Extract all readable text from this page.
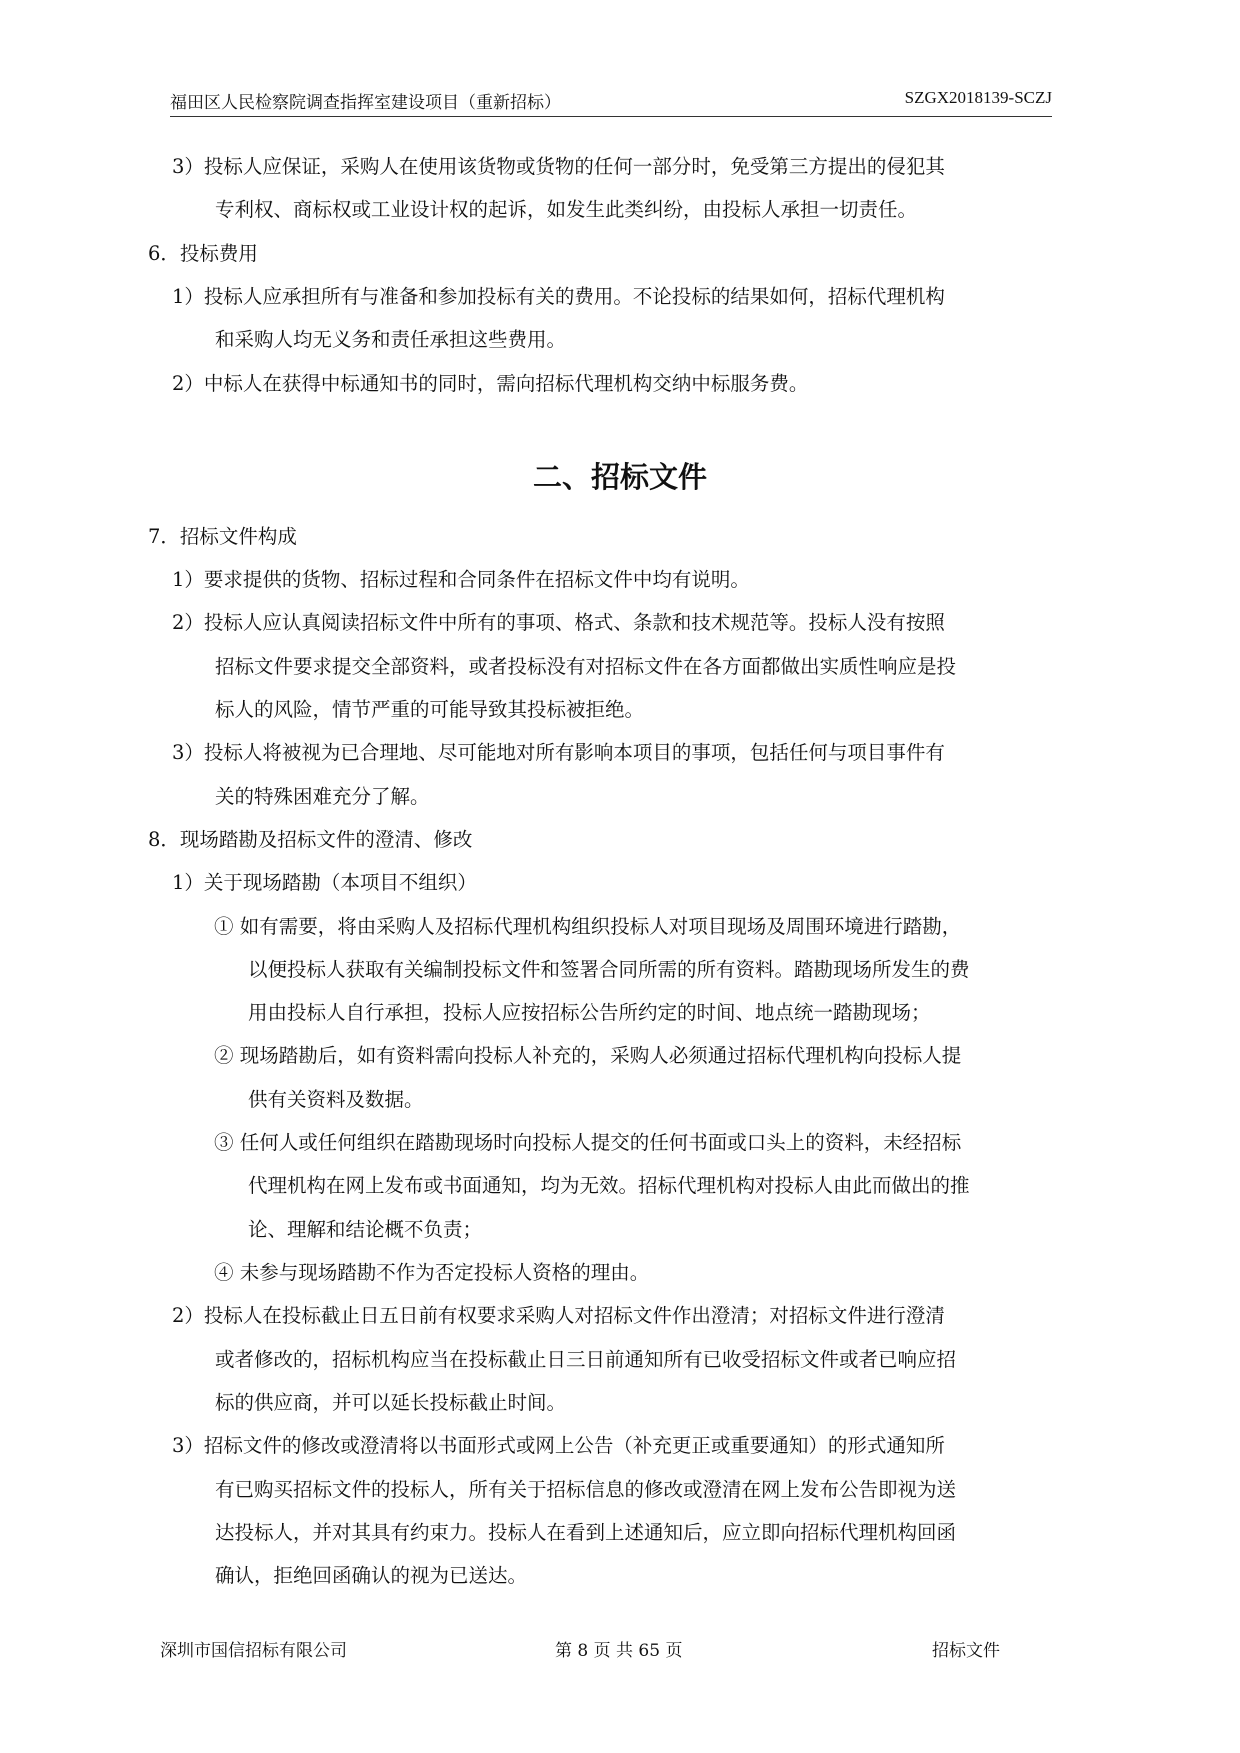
福田区人民检察院调查指挥室建设项目（重新招标）	SZGX2018139-SCZJ
3）投标人应保证，采购人在使用该货物或货物的任何一部分时，免受第三方提出的侵犯其
专利权、商标权或工业设计权的起诉，如发生此类纠纷，由投标人承担一切责任。
6．投标费用
1）投标人应承担所有与准备和参加投标有关的费用。不论投标的结果如何，招标代理机构
和采购人均无义务和责任承担这些费用。
2）中标人在获得中标通知书的同时，需向招标代理机构交纳中标服务费。
二、招标文件
7．招标文件构成
1）要求提供的货物、招标过程和合同条件在招标文件中均有说明。
2）投标人应认真阅读招标文件中所有的事项、格式、条款和技术规范等。投标人没有按照
招标文件要求提交全部资料，或者投标没有对招标文件在各方面都做出实质性响应是投
标人的风险，情节严重的可能导致其投标被拒绝。
3）投标人将被视为已合理地、尽可能地对所有影响本项目的事项，包括任何与项目事件有
关的特殊困难充分了解。
8．现场踏勘及招标文件的澄清、修改
1）关于现场踏勘（本项目不组织）
① 如有需要，将由采购人及招标代理机构组织投标人对项目现场及周围环境进行踏勘，
以便投标人获取有关编制投标文件和签署合同所需的所有资料。踏勘现场所发生的费
用由投标人自行承担，投标人应按招标公告所约定的时间、地点统一踏勘现场；
② 现场踏勘后，如有资料需向投标人补充的，采购人必须通过招标代理机构向投标人提
供有关资料及数据。
③ 任何人或任何组织在踏勘现场时向投标人提交的任何书面或口头上的资料，未经招标
代理机构在网上发布或书面通知，均为无效。招标代理机构对投标人由此而做出的推
论、理解和结论概不负责；
④ 未参与现场踏勘不作为否定投标人资格的理由。
2）投标人在投标截止日五日前有权要求采购人对招标文件作出澄清；对招标文件进行澄清
或者修改的，招标机构应当在投标截止日三日前通知所有已收受招标文件或者已响应招
标的供应商，并可以延长投标截止时间。
3）招标文件的修改或澄清将以书面形式或网上公告（补充更正或重要通知）的形式通知所
有已购买招标文件的投标人，所有关于招标信息的修改或澄清在网上发布公告即视为送
达投标人，并对其具有约束力。投标人在看到上述通知后，应立即向招标代理机构回函
确认，拒绝回函确认的视为已送达。
深圳市国信招标有限公司	第 8 页 共 65 页	招标文件
